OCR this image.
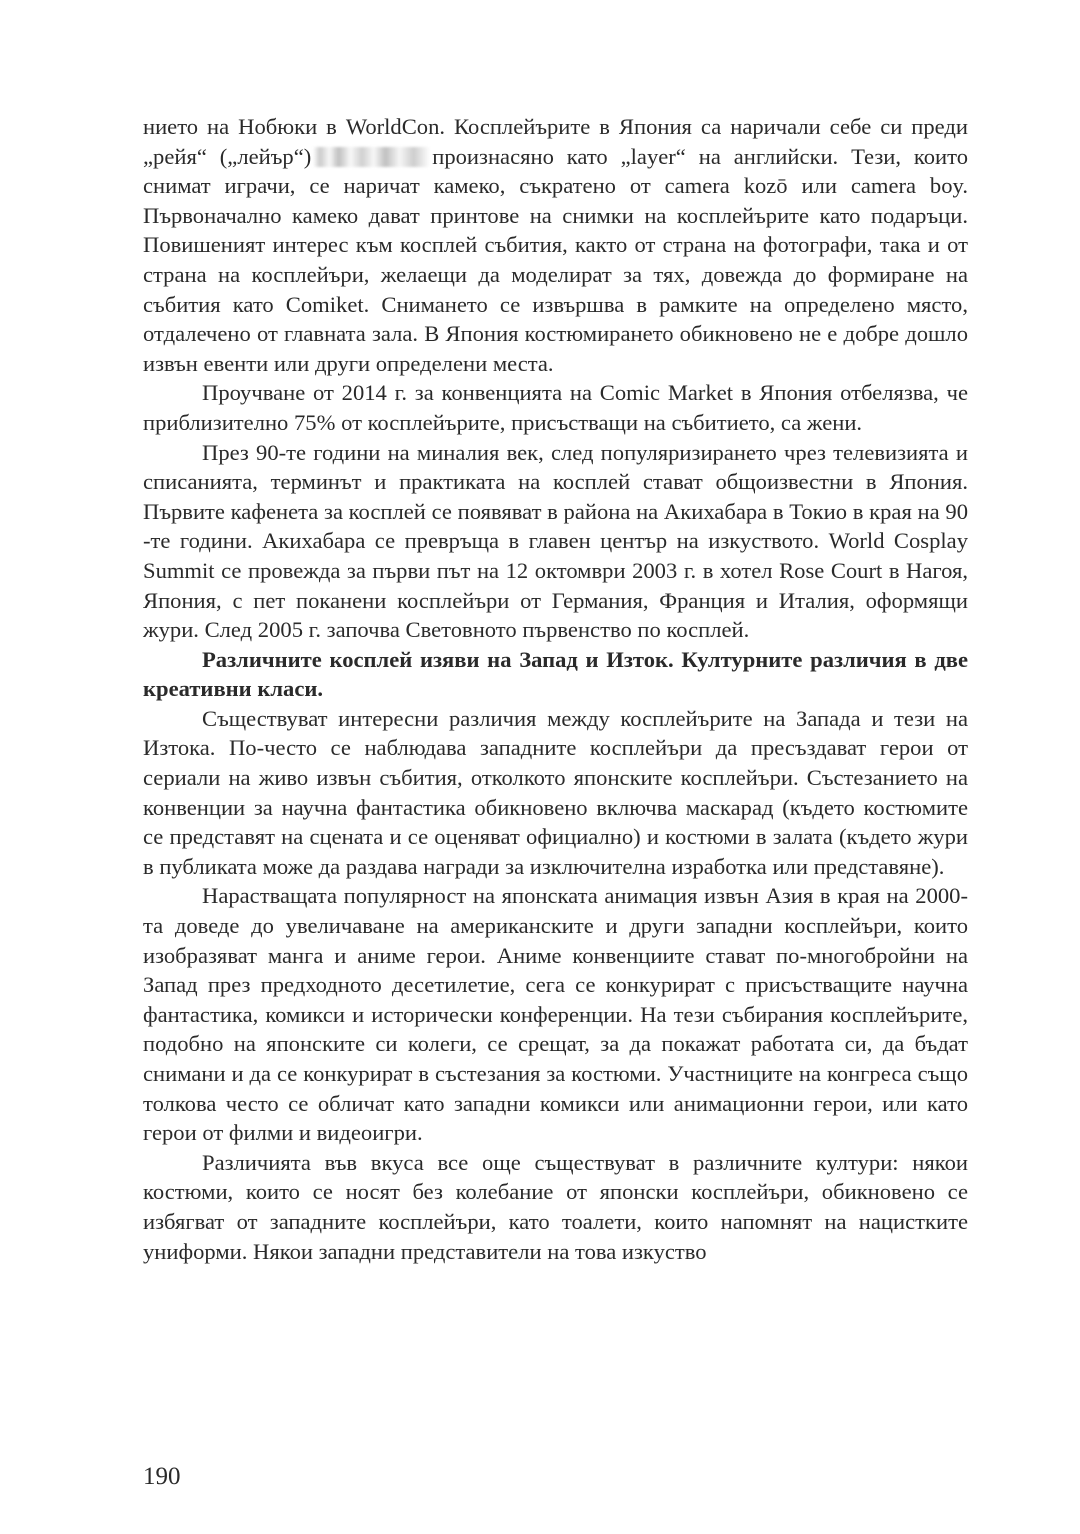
нието на Нобюки в WorldCon. Косплейърите в Япония са наричали себе си преди „рейя“ („лейър“)	произнасяно като „layer“ на английски. Тези, които снимат играчи, се наричат камеко, съкратено от camera kozō или camera boy. Първоначално камеко дават принтове на снимки на косплейърите като подаръци. Повишеният интерес към косплей събития, както от страна на фотографи, така и от страна на косплейъри, желаещи да моделират за тях, довежда до формиране на събития като Comiket. Снимането се извършва в рамките на определено място, отдалечено от главната зала. В Япония костюмирането обикновено не е добре дошло извън евенти или други определени места.

Проучване от 2014 г. за конвенцията на Comic Market в Япония отбелязва, че приблизително 75% от косплейърите, присъстващи на събитието, са жени.

През 90-те години на миналия век, след популяризирането чрез телевизията и списанията, терминът и практиката на косплей стават общоизвестни в Япония. Първите кафенета за косплей се появяват в района на Акихабара в Токио в края на 90 -те години. Акихабара се превръща в главен център на изкуството. World Cosplay Summit се провежда за първи път на 12 октомври 2003 г. в хотел Rose Court в Нагоя, Япония, с пет поканени косплейъри от Германия, Франция и Италия, оформящи жури. След 2005 г. започва Световното първенство по косплей.

Различните косплей изяви на Запад и Изток. Културните различия в две креативни класи.

Съществуват интересни различия между косплейърите на Запада и тези на Изтока. По-често се наблюдава западните косплейъри да пресъздават герои от сериали на живо извън събития, отколкото японските косплейъри. Състезанието на конвенции за научна фантастика обикновено включва маскарад (където костюмите се представят на сцената и се оценяват официално) и костюми в залата (където жури в публиката може да раздава награди за изключителна изработка или представяне).

Нарастващата популярност на японската анимация извън Азия в края на 2000-та доведе до увеличаване на американските и други западни косплейъри, които изобразяват манга и аниме герои. Аниме конвенциите стават по-многобройни на Запад през предходното десетилетие, сега се конкурират с присъстващите научна фантастика, комикси и исторически конференции. На тези събирания косплейърите, подобно на японските си колеги, се срещат, за да покажат работата си, да бъдат снимани и да се конкурират в състезания за костюми. Участниците на конгреса също толкова често се обличат като западни комикси или анимационни герои, или като герои от филми и видеоигри.

Различията във вкуса все още съществуват в различните култури: някои костюми, които се носят без колебание от японски косплейъри, обикновено се избягват от западните косплейъри, като тоалети, които напомнят на нацистките униформи. Някои западни представители на това изкуство

190
